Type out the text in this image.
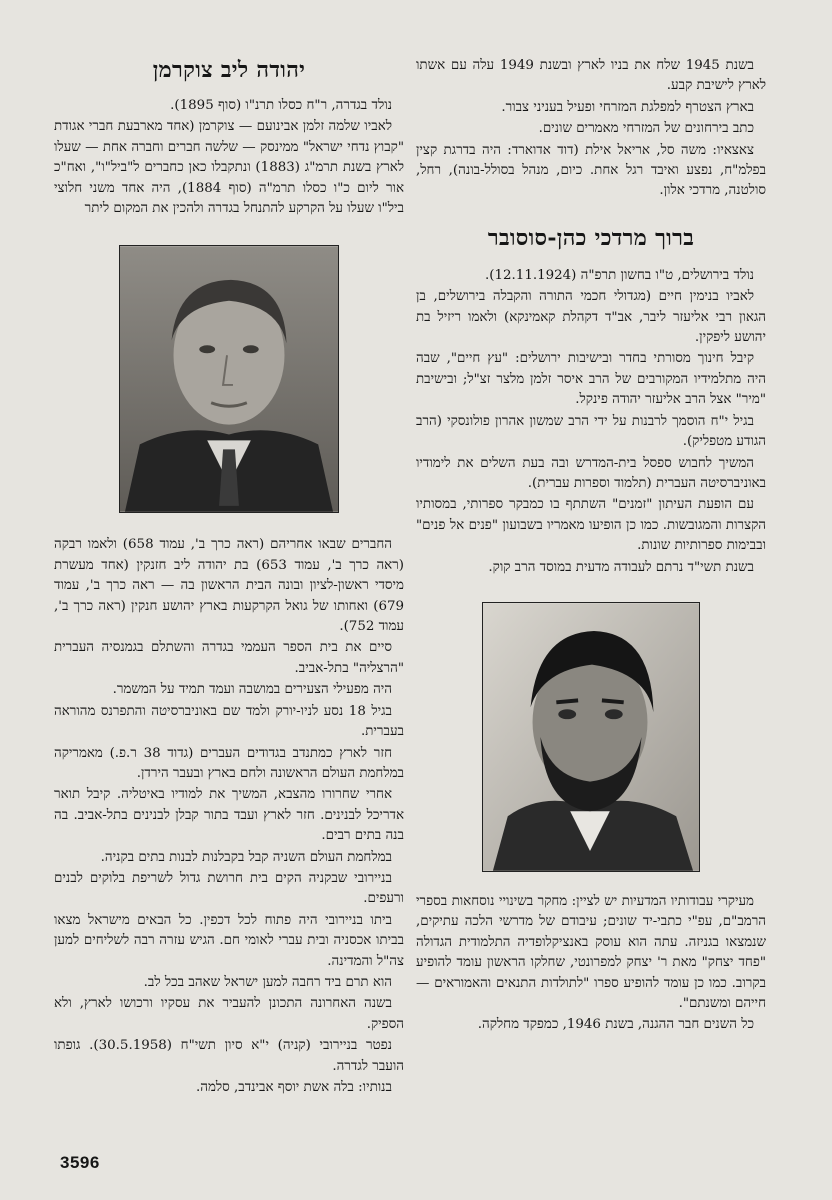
בשנת 1945 שלח את בניו לארץ ובשנת 1949 עלה עם אשתו לארץ לישיבת קבע.

בארץ הצטרף למפלגת המזרחי ופעיל בעניני צבור.

כתב בירחונים של המזרחי מאמרים שונים.

צאצאיו: משה סל, אריאל אילת (דוד אדוארד: היה בדרגת קצין בפלמ"ח, נפצע ואיבד רגל אחת. כיום, מנהל בסולל-בונה), רחל, סולטנה, מרדכי אלון.

ברוך מרדכי כהן-סוסובר

נולד בירושלים, ט"ו בחשון תרפ"ה (12.11.1924).

לאביו בנימין חיים (מגדולי חכמי התורה והקבלה בירושלים, בן הגאון רבי אליעזר ליבר, אב"ד דקהלת קאמינקא) ולאמו ריזיל בת יהושע ליפקין.

קיבל חינוך מסורתי בחדר ובישיבות ירושלים: "עץ חיים", שבה היה מתלמידיו המקורבים של הרב איסר זלמן מלצר זצ"ל; ובישיבת "מיר" אצל הרב אליעזר יהודה פינקל.

בגיל י"ח הוסמך לרבנות על ידי הרב שמשון אהרון פולונסקי (הרב הגודע מטפליק).

המשיך לחבוש ספסל בית-המדרש ובה בעת השלים את לימודיו באוניברסיטה העברית (תלמוד וספרות עברית).

עם הופעת העיתון "זמנים" השתתף בו כמבקר ספרותי, במסותיו הקצרות והמגובשות. כמו כן הופיעו מאמריו בשבועון "פנים אל פנים" ובבימות ספרותיות שונות.

בשנת תשי"ד נרתם לעבודה מדעית במוסד הרב קוק.

מעיקרי עבודותיו המדעיות יש לציין: מחקר בשינויי נוסחאות בספרי הרמב"ם, עפ"י כתבי-יד שונים; עיבודם של מדרשי הלכה עתיקים, שנמצאו בגניזה. עתה הוא עוסק באנציקלופדיה התלמודית הגדולה "פחד יצחק" מאת ר' יצחק למפרונטי, שחלקו הראשון עומד להופיע בקרוב. כמו כן עומד להופיע ספרו "לתולדות התנאים והאמוראים — חייהם ומשנתם".

כל השנים חבר ההגנה, בשנת 1946, כמפקד מחלקה.

יהודה ליב צוקרמן

נולד בגדרה, ר"ח כסלו תרנ"ו (סוף 1895).

לאביו שלמה זלמן אבינועם — צוקרמן (אחד מארבעת חברי אגודת "קבוץ נדחי ישראל" ממינסק — שלשה חברים וחברה אחת — שעלו לארץ בשנת תרמ"ג (1883) ונתקבלו כאן כחברים ל"ביל"ו", ואח"כ אור ליום כ"ו כסלו תרמ"ה (סוף 1884), היה אחד משני חלוצי ביל"ו שעלו על הקרקע להתנחל בגדרה ולהכין את המקום ליתר

החברים שבאו אחריהם (ראה כרך ב', עמוד 658) ולאמו רבקה (ראה כרך ב', עמוד 653) בת יהודה ליב חזנקין (אחד מעשרת מיסדי ראשון-לציון ובונה הבית הראשון בה — ראה כרך ב', עמוד 679) ואחותו של גואל הקרקעות בארץ יהושע חנקין (ראה כרך ב', עמוד 752).

סיים את בית הספר העממי בגדרה והשתלם בגמנסיה העברית "הרצליה" בתל-אביב.

היה מפעילי הצעירים במושבה ועמד תמיד על המשמר.

בגיל 18 נסע לניו-יורק ולמד שם באוניברסיטה והתפרנס מהוראה בעברית.

חזר לארץ כמתנדב בגדודים העברים (גדוד 38 ר.פ.) מאמריקה במלחמת העולם הראשונה ולחם בארץ ובעבר הירדן.

אחרי שחרורו מהצבא, המשיך את למודיו באיטליה. קיבל תואר אדריכל לבנינים. חזר לארץ ועבד בתור קבלן לבנינים בתל-אביב. בה בנה בתים רבים.

במלחמת העולם השניה קבל בקבלנות לבנות בתים בקניה.

בניירובי שבקניה הקים בית חרושת גדול לשריפת בלוקים לבנים ורעפים.

ביתו בניירובי היה פתוח לכל דכפין. כל הבאים מישראל מצאו בביתו אכסניה ובית עברי לאומי חם. הגיש עזרה רבה לשליחים למען צה"ל והמדינה.

הוא תרם ביד רחבה למען ישראל שאהב בכל לב.

בשנה האחרונה התכונן להעביר את עסקיו ורכושו לארץ, ולא הספיק.

נפטר בניירובי (קניה) י"א סיון תשי"ח (30.5.1958). גופתו הועבר לגדרה.

בנותיו: בלה אשת יוסף אבינדב, סלמה.

3596
